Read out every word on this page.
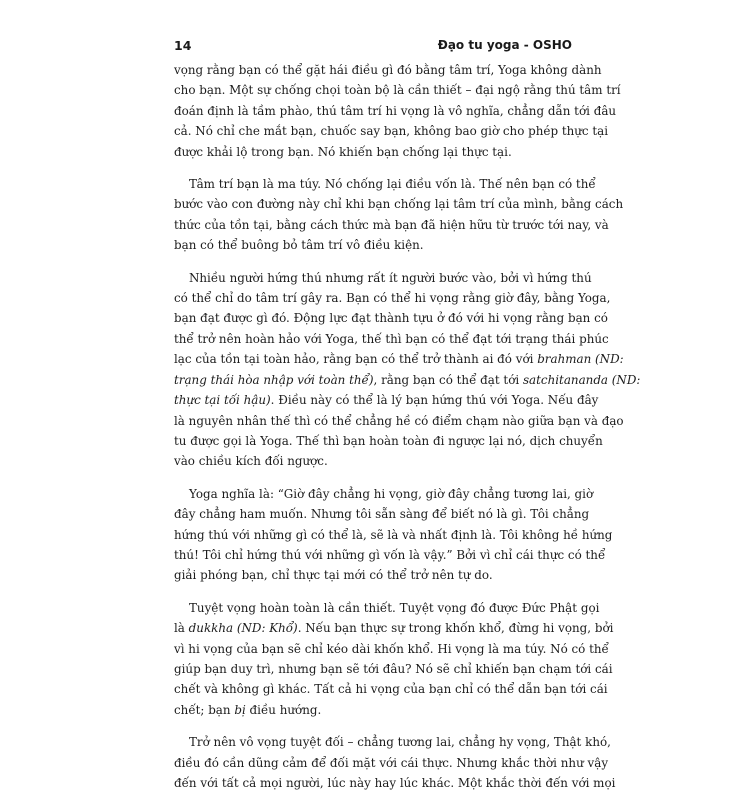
14	Đạo tu yoga - OSHO
vọng rằng bạn có thể gặt hái điều gì đó bằng tâm trí, Yoga không dành
cho bạn. Một sự chống chọi toàn bộ là cần thiết – đại ngộ rằng thú tâm trí
đoán định là tầm phào, thú tâm trí hi vọng là vô nghĩa, chẳng dẫn tới đâu
cả. Nó chỉ che mắt bạn, chuốc say bạn, không bao giờ cho phép thực tại
được khải lộ trong bạn. Nó khiến bạn chống lại thực tại.
Tâm trí bạn là ma túy. Nó chống lại điều vốn là. Thế nên bạn có thể
bước vào con đường này chỉ khi bạn chống lại tâm trí của mình, bằng cách
thức của tồn tại, bằng cách thức mà bạn đã hiện hữu từ trước tới nay, và
bạn có thể buông bỏ tâm trí vô điều kiện.
Nhiều người hứng thú nhưng rất ít người bước vào, bởi vì hứng thú
có thể chỉ do tâm trí gây ra. Bạn có thể hi vọng rằng giờ đây, bằng Yoga,
bạn đạt được gì đó. Động lực đạt thành tựu ở đó với hi vọng rằng bạn có
thể trở nên hoàn hảo với Yoga, thế thì bạn có thể đạt tới trạng thái phúc
lạc của tồn tại toàn hảo, rằng bạn có thể trở thành ai đó với brahman (ND:
trạng thái hòa nhập với toàn thể), rằng bạn có thể đạt tới satchitananda (ND:
thực tại tối hậu). Điều này có thể là lý bạn hứng thú với Yoga. Nếu đây
là nguyên nhân thế thì có thể chẳng hề có điểm chạm nào giữa bạn và đạo
tu được gọi là Yoga. Thế thì bạn hoàn toàn đi ngược lại nó, dịch chuyển
vào chiều kích đối ngược.
Yoga nghĩa là: “Giờ đây chẳng hi vọng, giờ đây chẳng tương lai, giờ
đây chẳng ham muốn. Nhưng tôi sẵn sàng để biết nó là gì. Tôi chẳng
hứng thú với những gì có thể là, sẽ là và nhất định là. Tôi không hề hứng
thú! Tôi chỉ hứng thú với những gì vốn là vậy.” Bởi vì chỉ cái thực có thể
giải phóng bạn, chỉ thực tại mới có thể trở nên tự do.
Tuyệt vọng hoàn toàn là cần thiết. Tuyệt vọng đó được Đức Phật gọi
là dukkha (ND: Khổ). Nếu bạn thực sự trong khốn khổ, đừng hi vọng, bởi
vì hi vọng của bạn sẽ chỉ kéo dài khốn khổ. Hi vọng là ma túy. Nó có thể
giúp bạn duy trì, nhưng bạn sẽ tới đâu? Nó sẽ chỉ khiến bạn chạm tới cái
chết và không gì khác. Tất cả hi vọng của bạn chỉ có thể dẫn bạn tới cái
chết; bạn bị điều hướng.
Trở nên vô vọng tuyệt đối – chẳng tương lai, chẳng hy vọng, Thật khó,
điều đó cần dũng cảm để đối mặt với cái thực. Nhưng khắc thời như vậy
đến với tất cả mọi người, lúc này hay lúc khác. Một khắc thời đến với mọi
